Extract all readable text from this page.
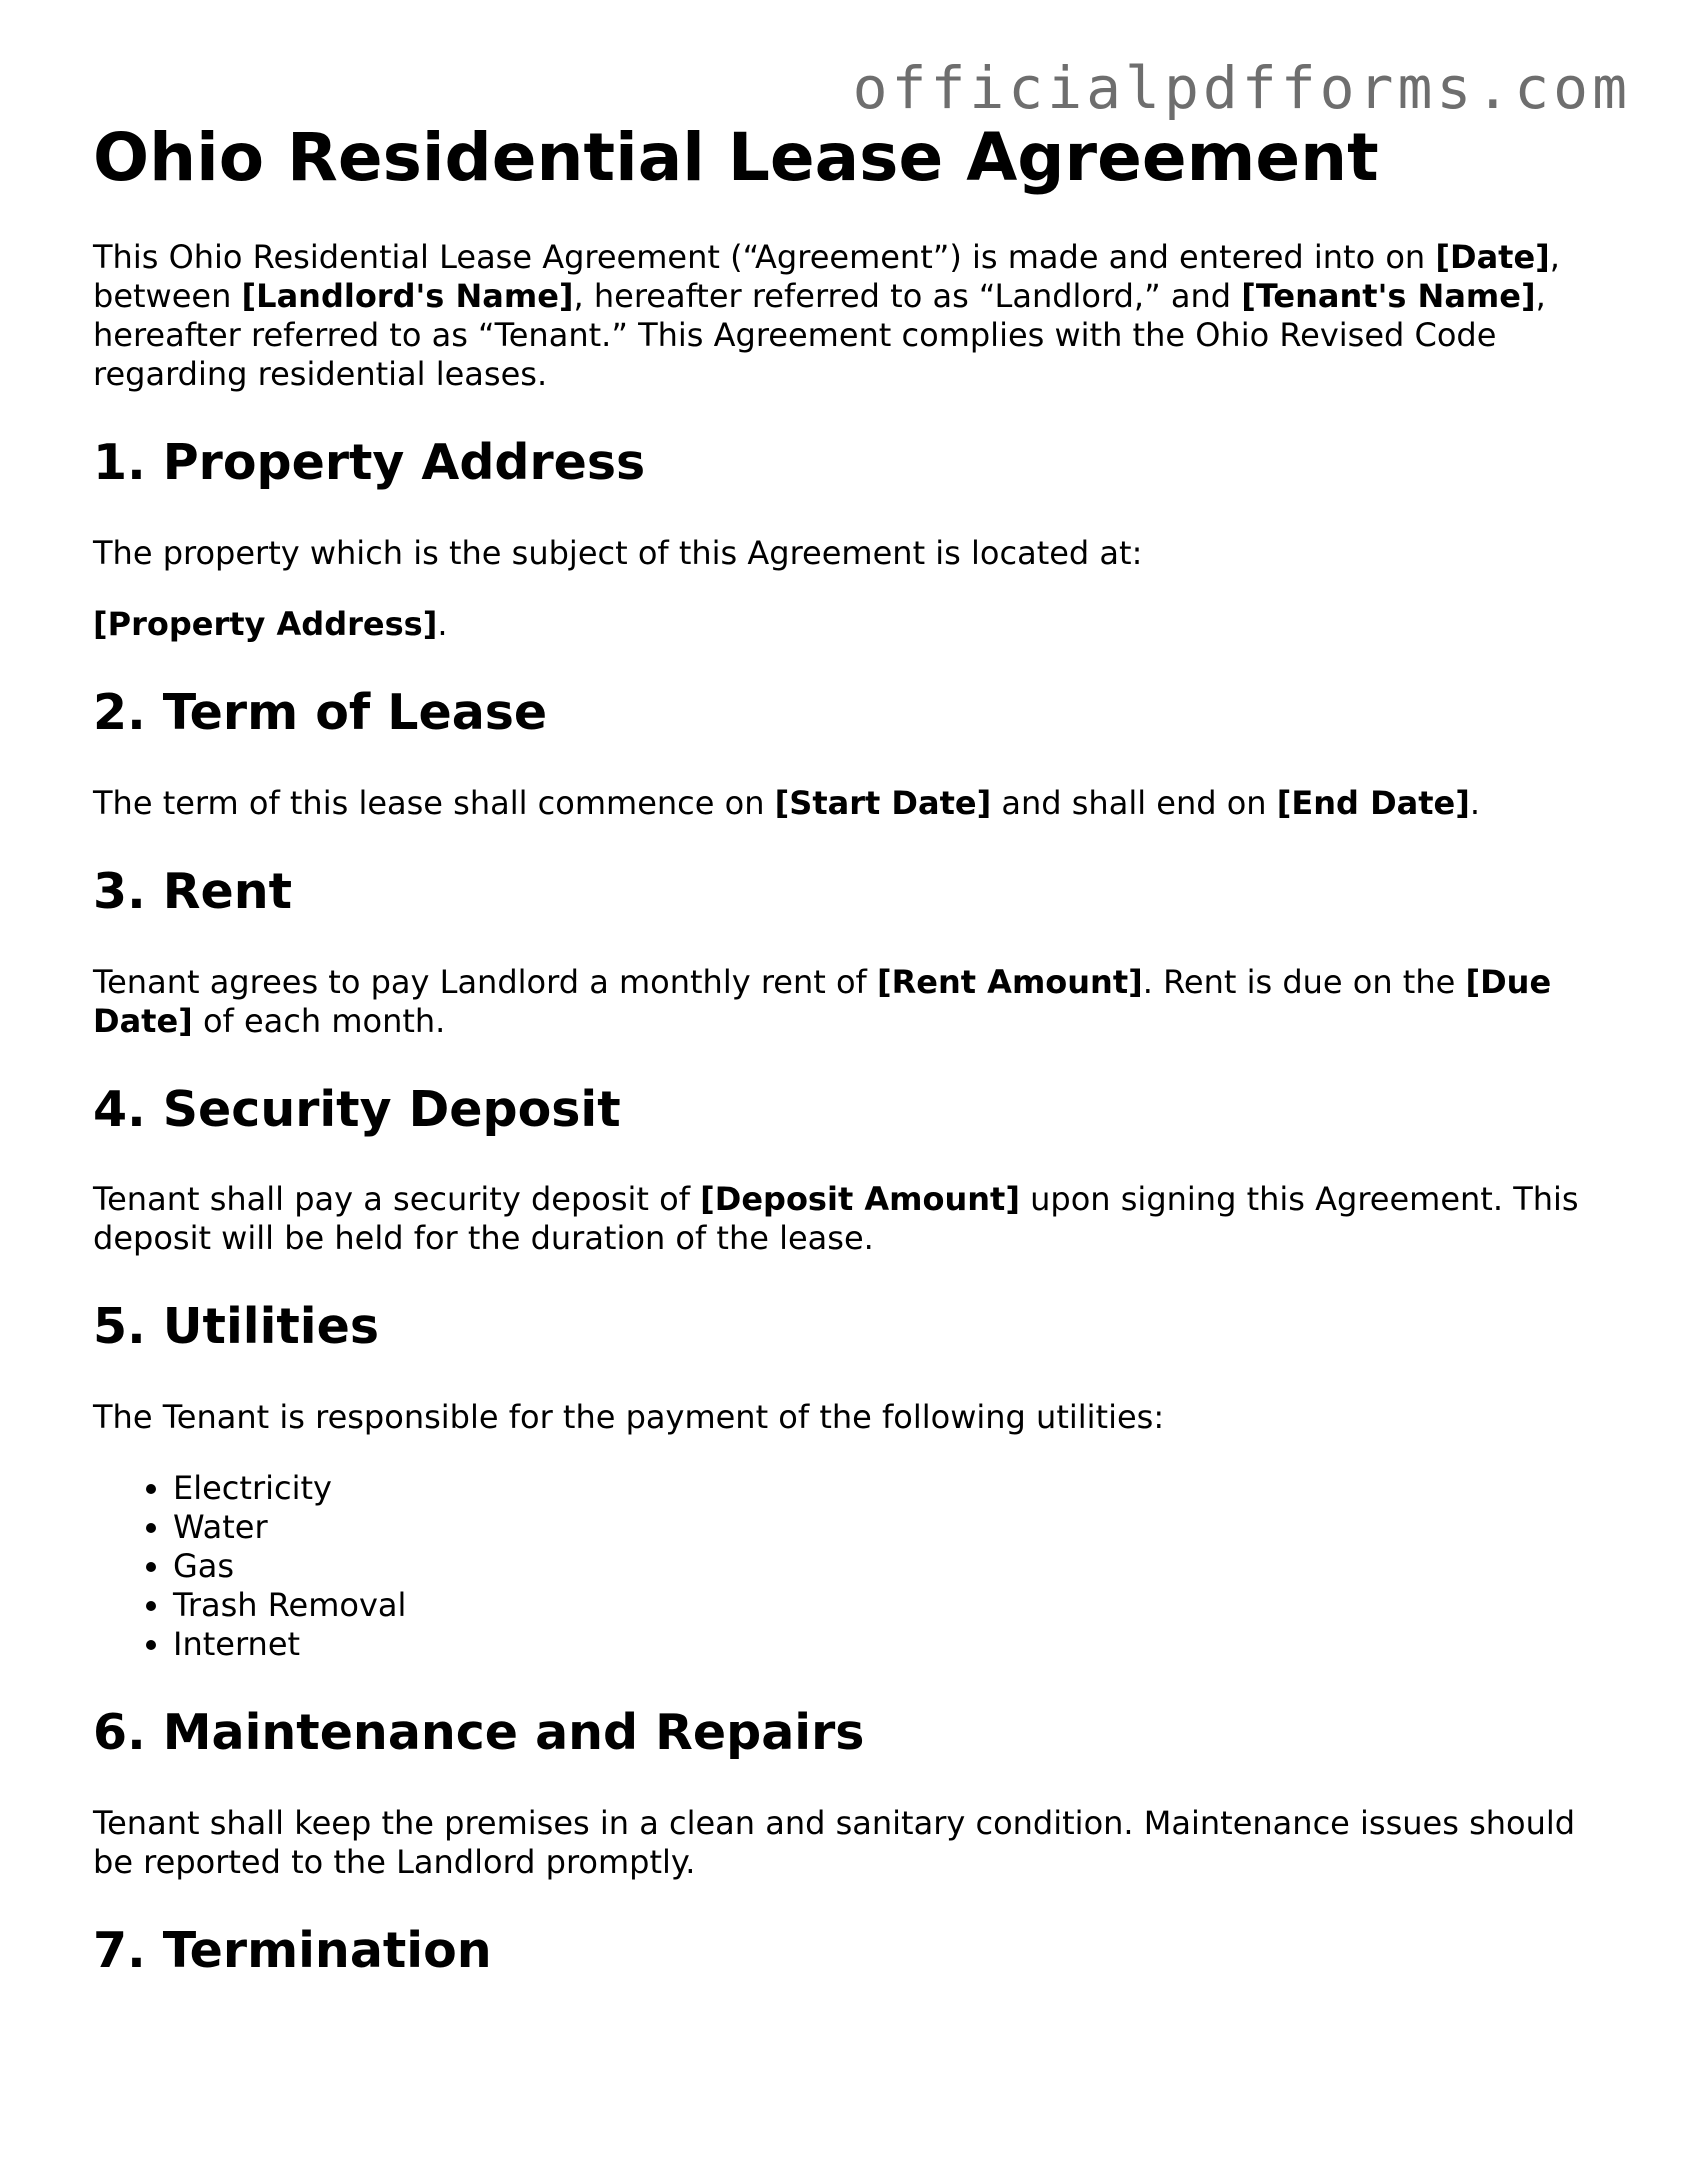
officialpdfforms.com
Ohio Residential Lease Agreement

This Ohio Residential Lease Agreement (“Agreement”) is made and entered into on [Date], between [Landlord's Name], hereafter referred to as “Landlord,” and [Tenant's Name], hereafter referred to as “Tenant.” This Agreement complies with the Ohio Revised Code regarding residential leases.

1. Property Address

The property which is the subject of this Agreement is located at:

[Property Address].

2. Term of Lease

The term of this lease shall commence on [Start Date] and shall end on [End Date].

3. Rent

Tenant agrees to pay Landlord a monthly rent of [Rent Amount]. Rent is due on the [Due Date] of each month.

4. Security Deposit

Tenant shall pay a security deposit of [Deposit Amount] upon signing this Agreement. This deposit will be held for the duration of the lease.

5. Utilities

The Tenant is responsible for the payment of the following utilities:

• Electricity
• Water
• Gas
• Trash Removal
• Internet
6. Maintenance and Repairs

Tenant shall keep the premises in a clean and sanitary condition. Maintenance issues should be reported to the Landlord promptly.

7. Termination
